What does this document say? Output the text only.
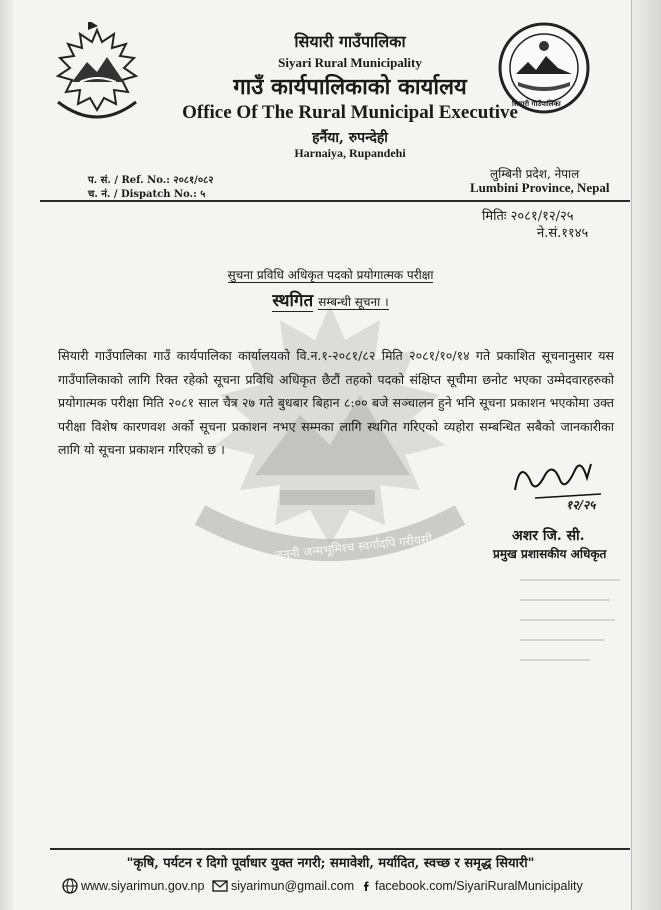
सियारी गाउँपालिका
सियारी गाउँपालिका
Siyari Rural Municipality
गाउँ कार्यपालिकाको कार्यालय
Office Of The Rural Municipal Executive
हर्नैया, रुपन्देही
Harnaiya, Rupandehi
प. सं. / Ref. No.: २०८१/०८२
च. नं. / Dispatch No.: ५
लुम्बिनी प्रदेश, नेपाल
Lumbini Province, Nepal
मितिः २०८१/१२/२५
ने.सं.११४५
जननी जन्मभूमिश्च स्वर्गादपि गरीयसी
सुचना प्रविधि अधिकृत पदको प्रयोगात्मक परीक्षा
स्थगित सम्बन्धी सूचना ।
सियारी गाउँपालिका गाउँ कार्यपालिका कार्यालयको वि.न.१-२०८१/८२ मिति २०८१/१०/१४ गते प्रकाशित सूचनानुसार यस गाउँपालिकाको लागि रिक्त रहेको सूचना प्रविधि अधिकृत छैटौं तहको पदको संक्षिप्त सूचीमा छनोट भएका उम्मेदवारहरुको प्रयोगात्मक परीक्षा मिति २०८१ साल चैत्र २७ गते बुधबार बिहान ८:०० बजे सञ्चालन हुने भनि सूचना प्रकाशन भएकोमा उक्त परीक्षा विशेष कारणवश अर्को सूचना प्रकाशन नभए सम्मका लागि स्थगित गरिएको व्यहोरा सम्बन्धित सबैको जानकारीका लागि यो सूचना प्रकाशन गरिएको छ ।
१२/२५
अशर जि. सी.
प्रमुख प्रशासकीय अधिकृत
"कृषि, पर्यटन र दिगो पूर्वाधार युक्त नगरी; समावेशी, मर्यादित, स्वच्छ र समृद्ध सियारी"
www.siyarimun.gov.np siyarimun@gmail.com facebook.com/SiyariRuralMunicipality
